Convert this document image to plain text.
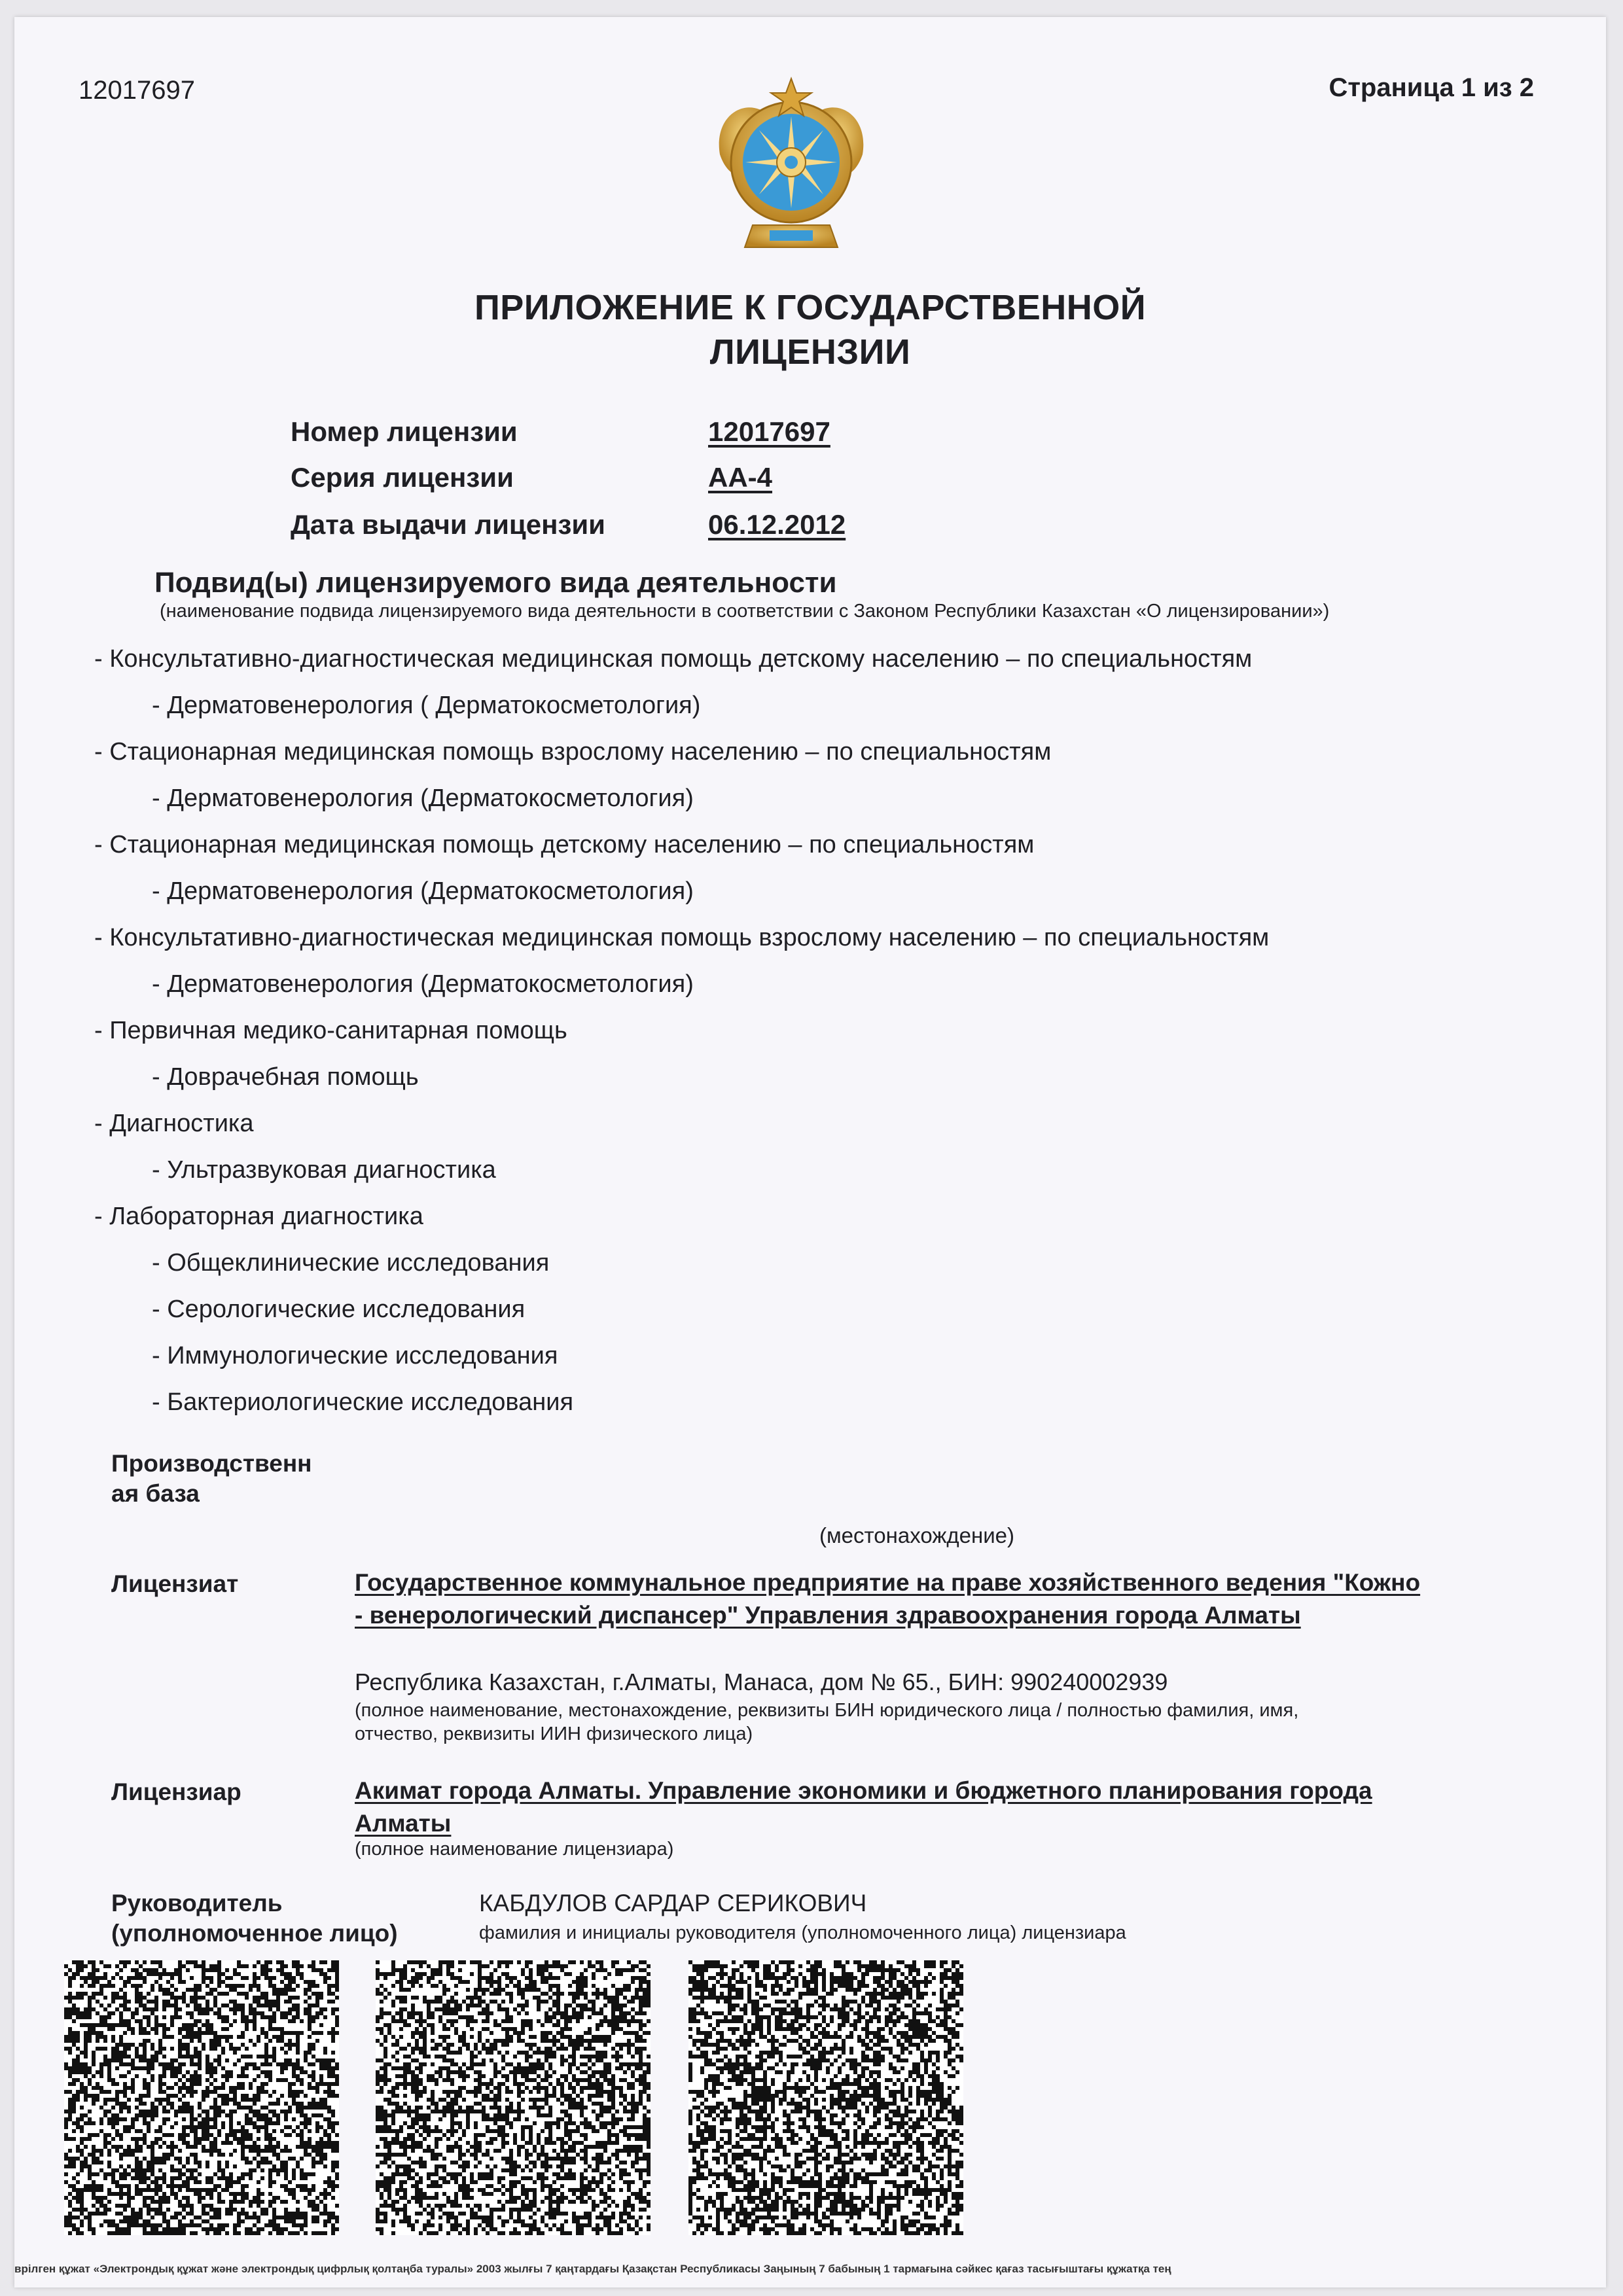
12017697	Страница 1 из 2
ПРИЛОЖЕНИЕ К ГОСУДАРСТВЕННОЙ
ЛИЦЕНЗИИ
Номер лицензии	12017697
Серия лицензии	АА-4
Дата выдачи лицензии	06.12.2012
Подвид(ы) лицензируемого вида деятельности
(наименование подвида лицензируемого вида деятельности в соответствии с Законом Республики Казахстан «О лицензировании»)
- Консультативно-диагностическая медицинская помощь детскому населению – по специальностям
- Дерматовенерология ( Дерматокосметология)
- Стационарная медицинская помощь взрослому населению – по специальностям
- Дерматовенерология (Дерматокосметология)
- Стационарная медицинская помощь детскому населению – по специальностям
- Дерматовенерология (Дерматокосметология)
- Консультативно-диагностическая медицинская помощь взрослому населению – по специальностям
- Дерматовенерология (Дерматокосметология)
- Первичная медико-санитарная помощь
- Доврачебная помощь
- Диагностика
- Ультразвуковая диагностика
- Лабораторная диагностика
- Общеклинические исследования
- Серологические исследования
- Иммунологические исследования
- Бактериологические исследования
Производственн
ая база
(местонахождение)
Лицензиат	Государственное коммунальное предприятие на праве хозяйственного ведения "Кожно
- венерологический диспансер" Управления здравоохранения города Алматы
Республика Казахстан, г.Алматы, Манаса, дом № 65., БИН: 990240002939
(полное наименование, местонахождение, реквизиты БИН юридического лица / полностью фамилия, имя,
отчество, реквизиты ИИН физического лица)
Лицензиар	Акимат города Алматы. Управление экономики и бюджетного планирования города
Алматы
(полное наименование лицензиара)
Руководитель
(уполномоченное лицо)
КАБДУЛОВ САРДАР СЕРИКОВИЧ
фамилия и инициалы руководителя (уполномоченного лица) лицензиара
врілген құжат «Электрондық құжат және электрондық цифрлық қолтаңба туралы» 2003 жылғы 7 қаңтардағы Қазақстан Республикасы Заңының 7 бабының 1 тармағына сәйкес қағаз тасығыштағы құжатқа тең
